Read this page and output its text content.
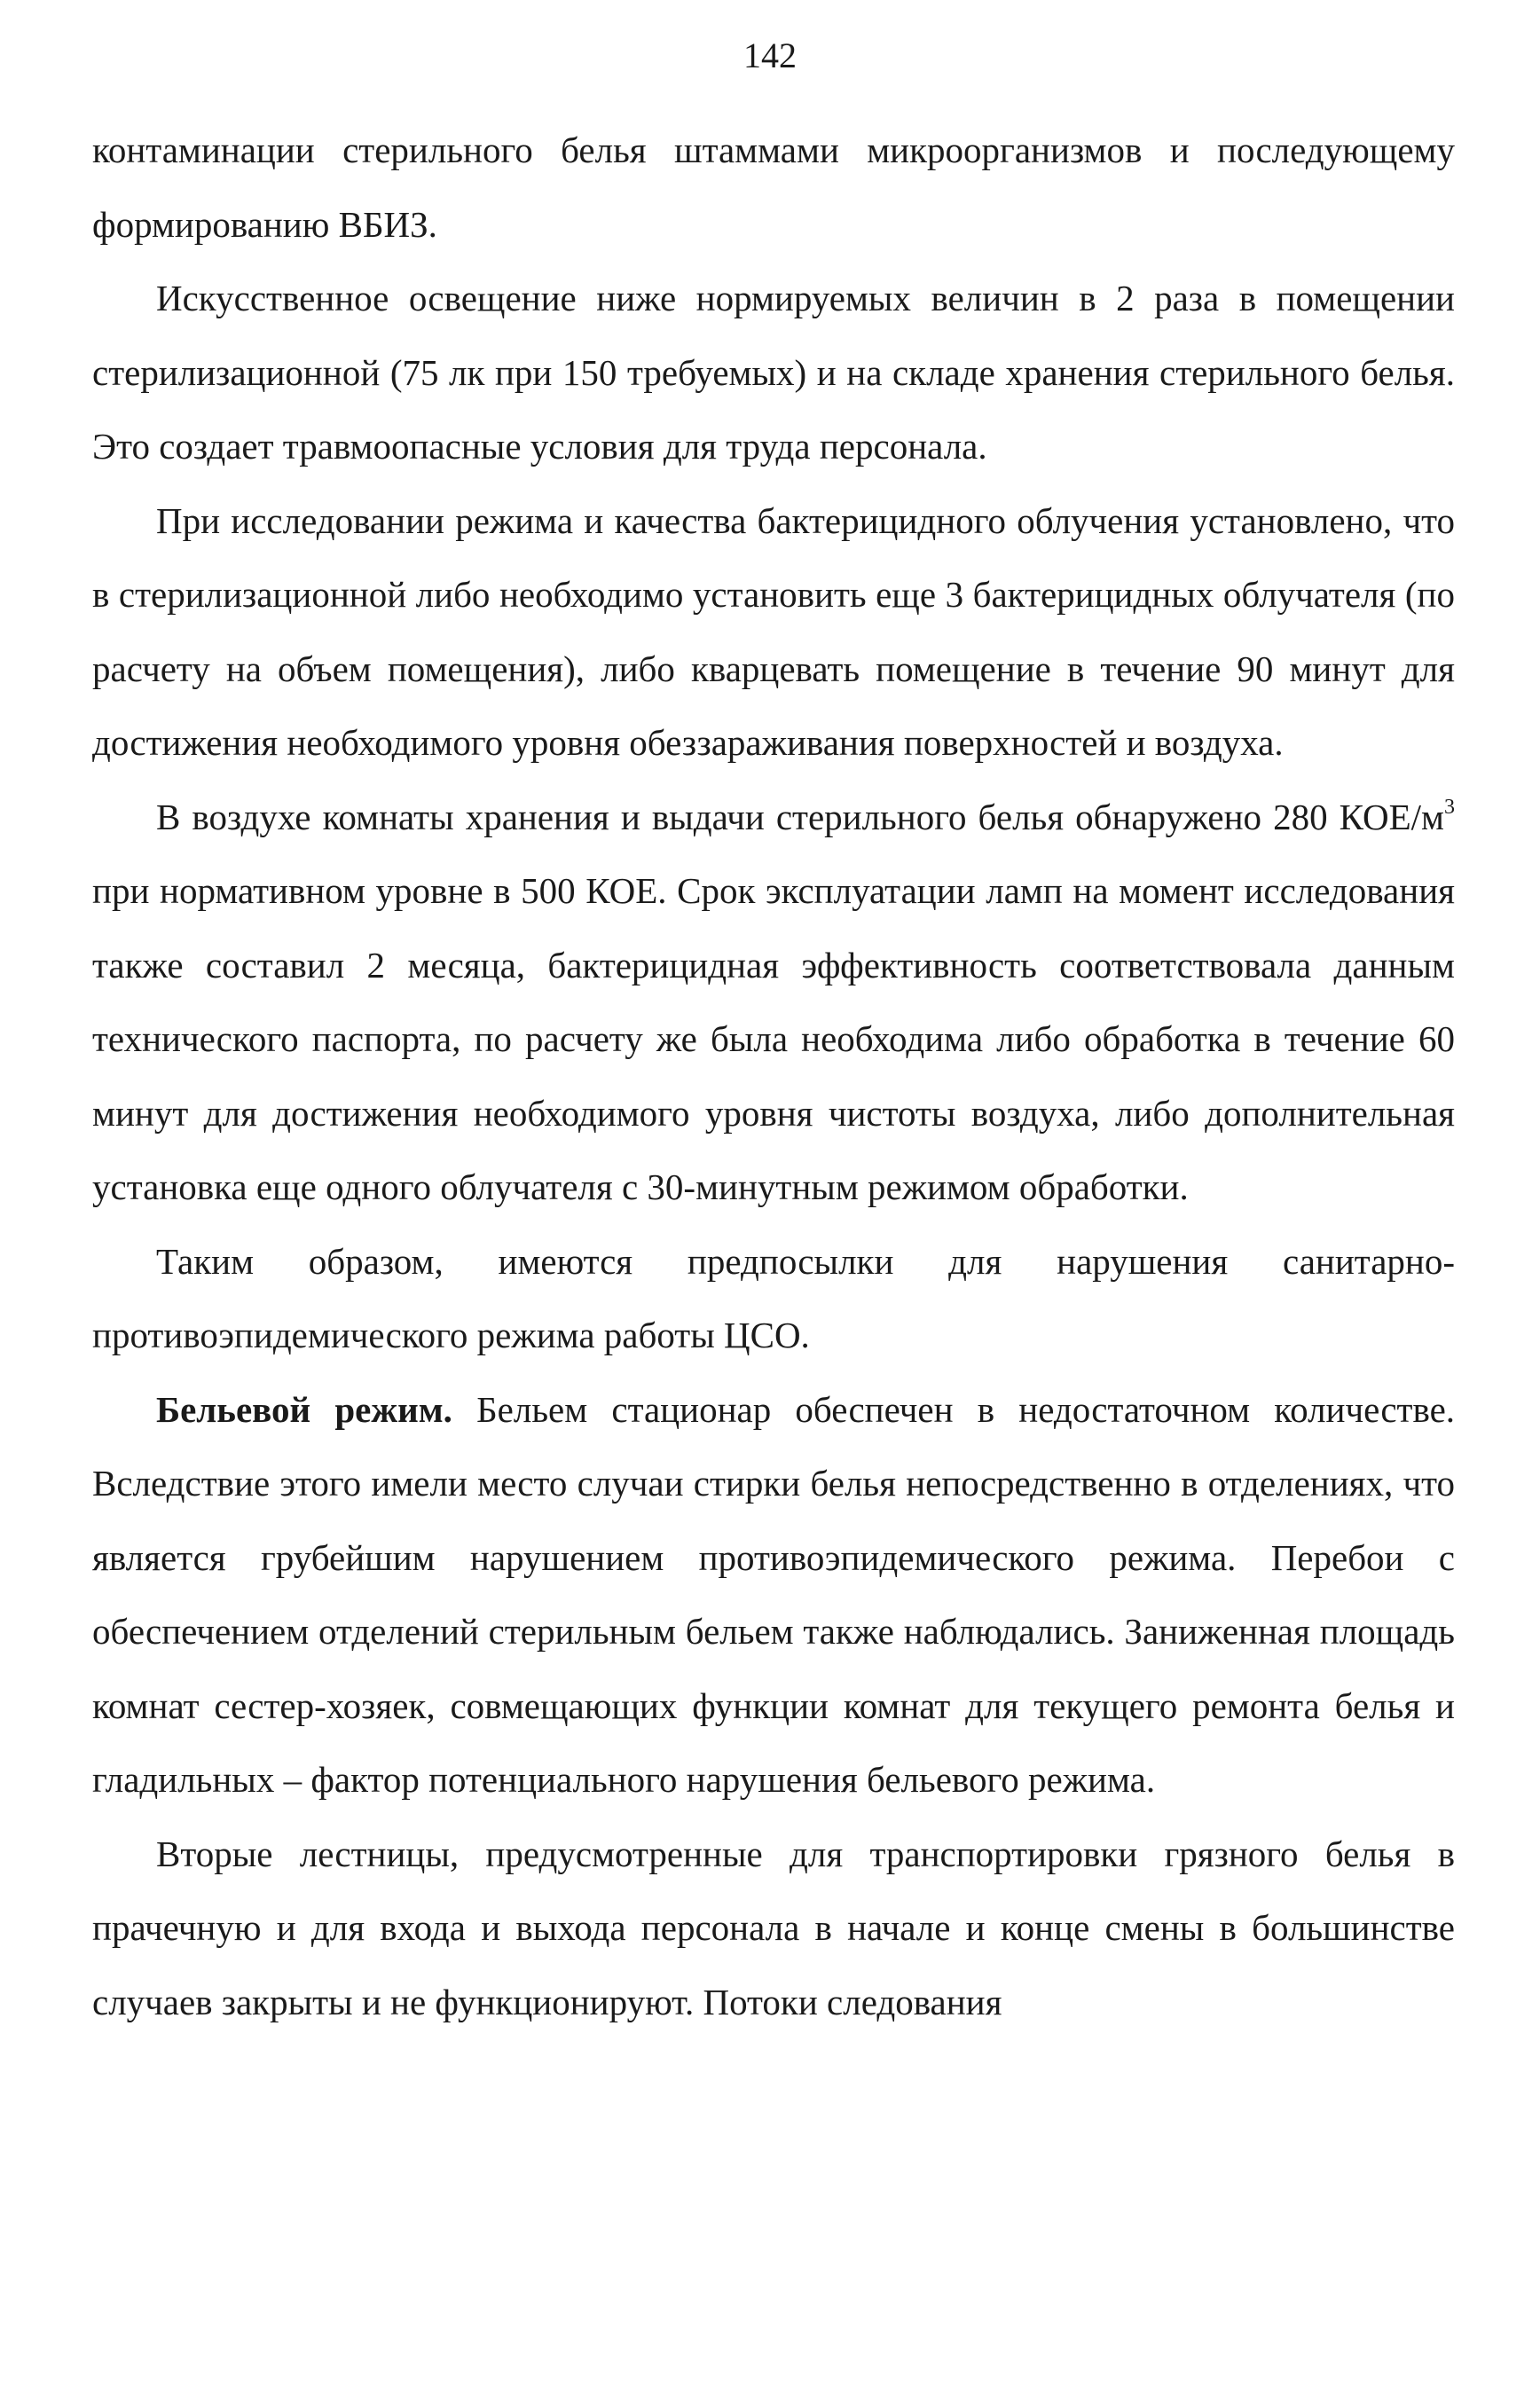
142

контаминации стерильного белья штаммами микроорганизмов и последующему формированию ВБИЗ.

Искусственное освещение ниже нормируемых величин в 2 раза в помещении стерилизационной (75 лк при 150 требуемых) и на складе хранения стерильного белья. Это создает травмоопасные условия для труда персонала.

При исследовании режима и качества бактерицидного облучения установлено, что в стерилизационной либо необходимо установить еще 3 бактерицидных облучателя (по расчету на объем помещения), либо кварцевать помещение в течение 90 минут для достижения необходимого уровня обеззараживания поверхностей и воздуха.

В воздухе комнаты хранения и выдачи стерильного белья обнаружено 280 КОЕ/$м^3$ при нормативном уровне в 500 КОЕ. Срок эксплуатации ламп на момент исследования также составил 2 месяца, бактерицидная эффективность соответствовала данным технического паспорта, по расчету же была необходима либо обработка в течение 60 минут для достижения необходимого уровня чистоты воздуха, либо дополнительная установка еще одного облучателя с 30-минутным режимом обработки.

Таким образом, имеются предпосылки для нарушения санитарно-противоэпидемического режима работы ЦСО.

Бельевой режим. Бельем стационар обеспечен в недостаточном количестве. Вследствие этого имели место случаи стирки белья непосредственно в отделениях, что является грубейшим нарушением противоэпидемического режима. Перебои с обеспечением отделений стерильным бельем также наблюдались. Заниженная площадь комнат сестер-хозяек, совмещающих функции комнат для текущего ремонта белья и гладильных – фактор потенциального нарушения бельевого режима.

Вторые лестницы, предусмотренные для транспортировки грязного белья в прачечную и для входа и выхода персонала в начале и конце смены в большинстве случаев закрыты и не функционируют. Потоки следования
